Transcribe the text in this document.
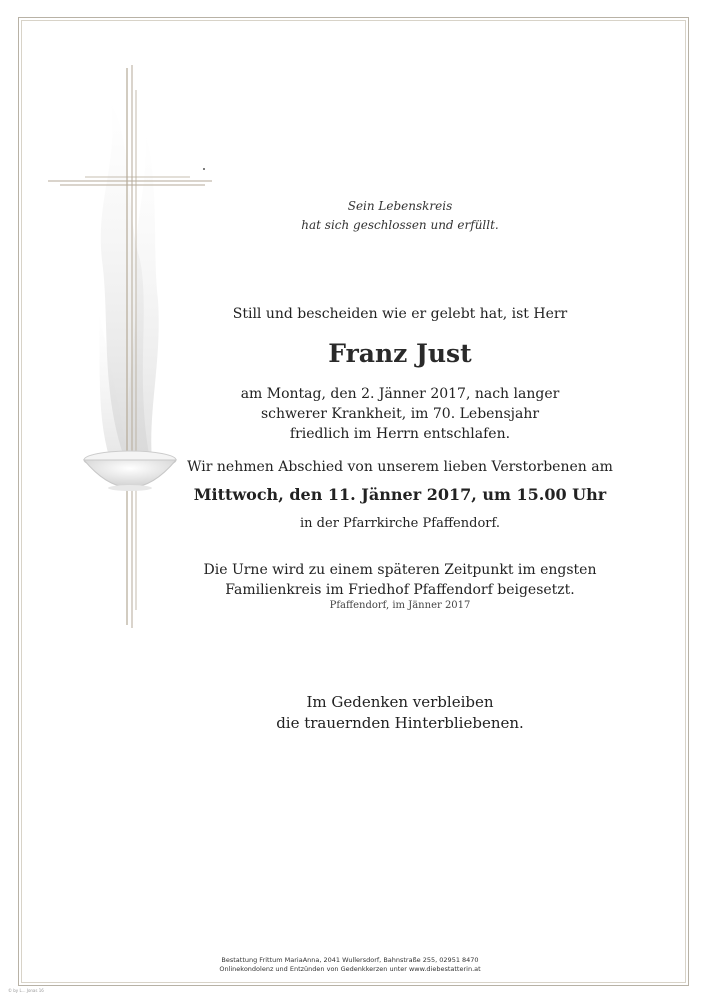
Sein Lebenskreis
hat sich geschlossen und erfüllt.
Still und bescheiden wie er gelebt hat, ist Herr
Franz Just
am Montag, den 2. Jänner 2017, nach langer
schwerer Krankheit, im 70. Lebensjahr
friedlich im Herrn entschlafen.
Wir nehmen Abschied von unserem lieben Verstorbenen am
Mittwoch, den 11. Jänner 2017, um 15.00 Uhr
in der Pfarrkirche Pfaffendorf.
Die Urne wird zu einem späteren Zeitpunkt im engsten
Familienkreis im Friedhof Pfaffendorf beigesetzt.
Pfaffendorf, im Jänner 2017
Im Gedenken verbleiben
die trauernden Hinterbliebenen.
Bestattung Frittum MariaAnna, 2041 Wullersdorf, Bahnstraße 255, 02951 8470
Onlinekondolenz und Entzünden von Gedenkkerzen unter www.diebestatterin.at
© by L... Jonas 16
